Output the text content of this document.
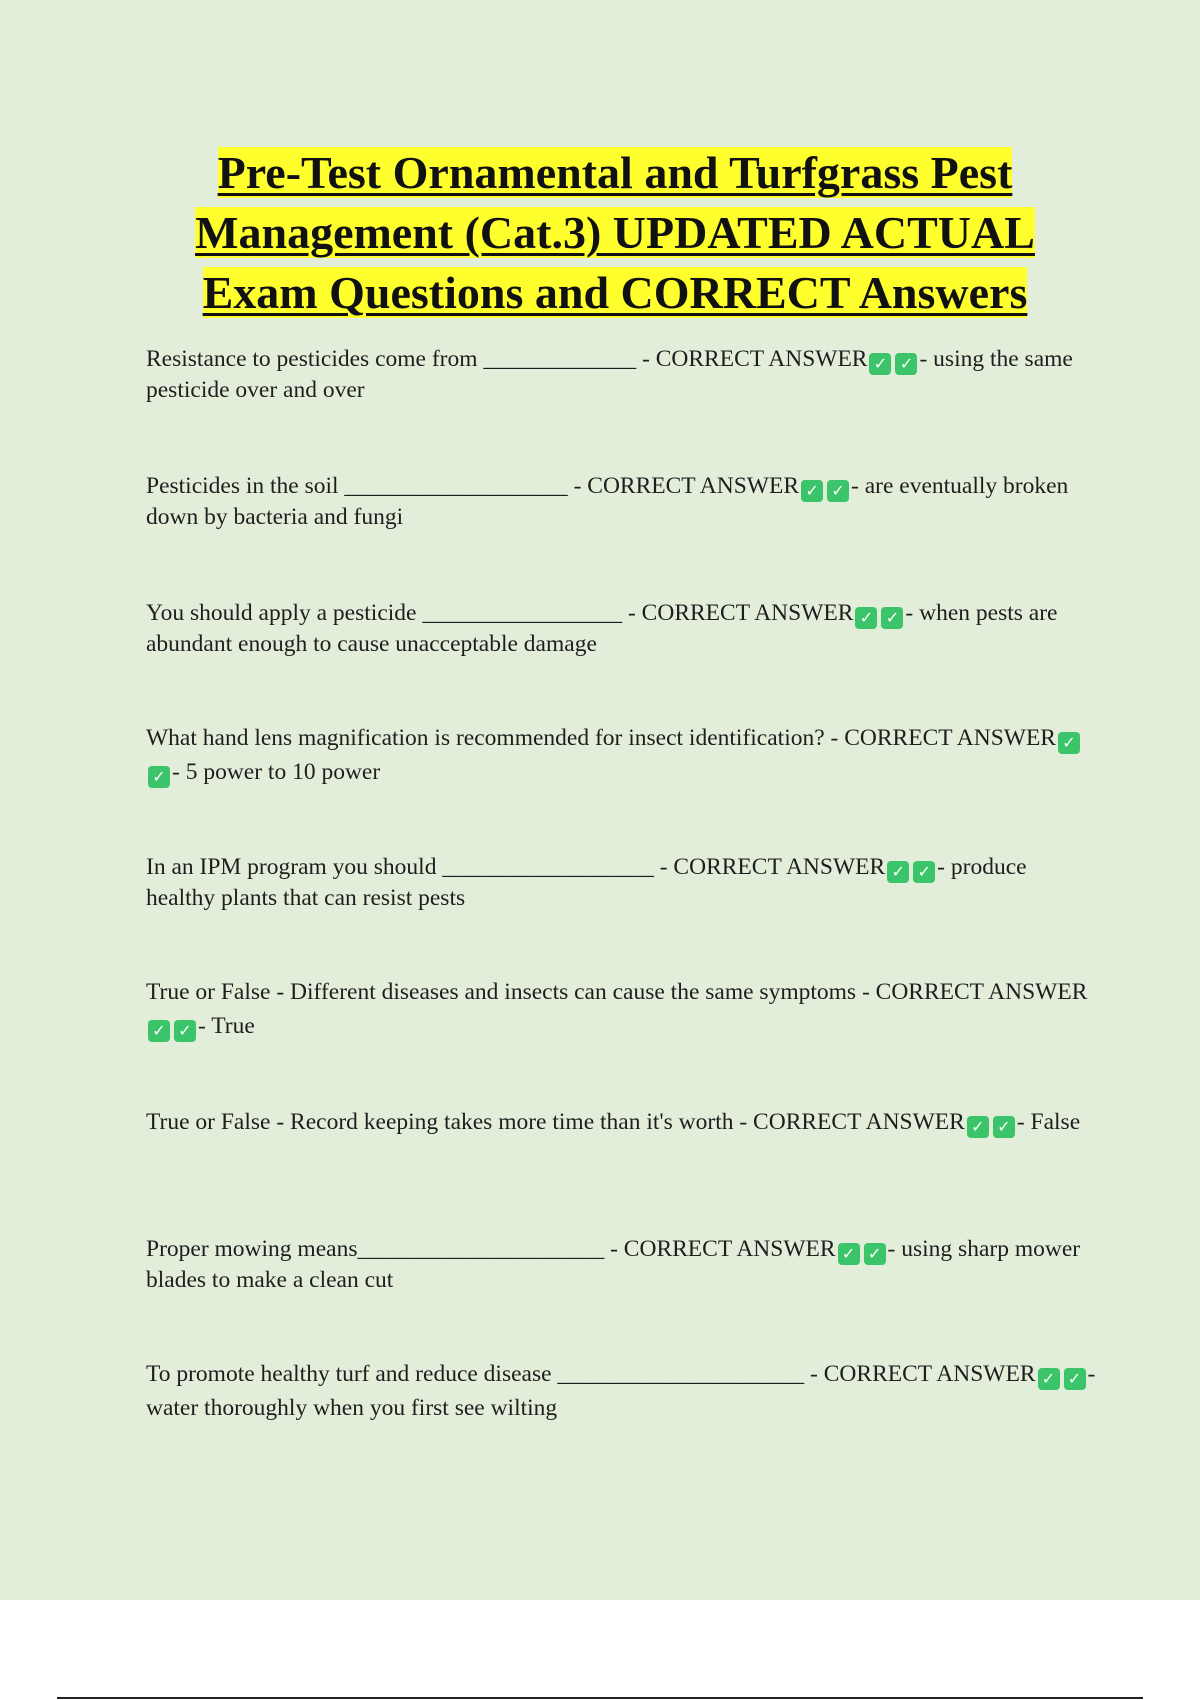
Pre-Test Ornamental and Turfgrass Pest
Management (Cat.3) UPDATED ACTUAL
Exam Questions and CORRECT Answers
Resistance to pesticides come from _____________ - CORRECT ANSWER ✓ ✓ - using the same pesticide over and over
Pesticides in the soil ___________________ - CORRECT ANSWER ✓ ✓ - are eventually broken down by bacteria and fungi
You should apply a pesticide _________________ - CORRECT ANSWER ✓ ✓ - when pests are abundant enough to cause unacceptable damage
What hand lens magnification is recommended for insect identification? - CORRECT ANSWER ✓✓ - 5 power to 10 power
In an IPM program you should __________________ - CORRECT ANSWER ✓ ✓ - produce healthy plants that can resist pests
True or False - Different diseases and insects can cause the same symptoms - CORRECT ANSWER✓ ✓ - True
True or False - Record keeping takes more time than it's worth - CORRECT ANSWER ✓ ✓ - False
Proper mowing means_____________________ - CORRECT ANSWER ✓ ✓ - using sharp mower blades to make a clean cut
To promote healthy turf and reduce disease _____________________ - CORRECT ANSWER ✓ ✓ - water thoroughly when you first see wilting
